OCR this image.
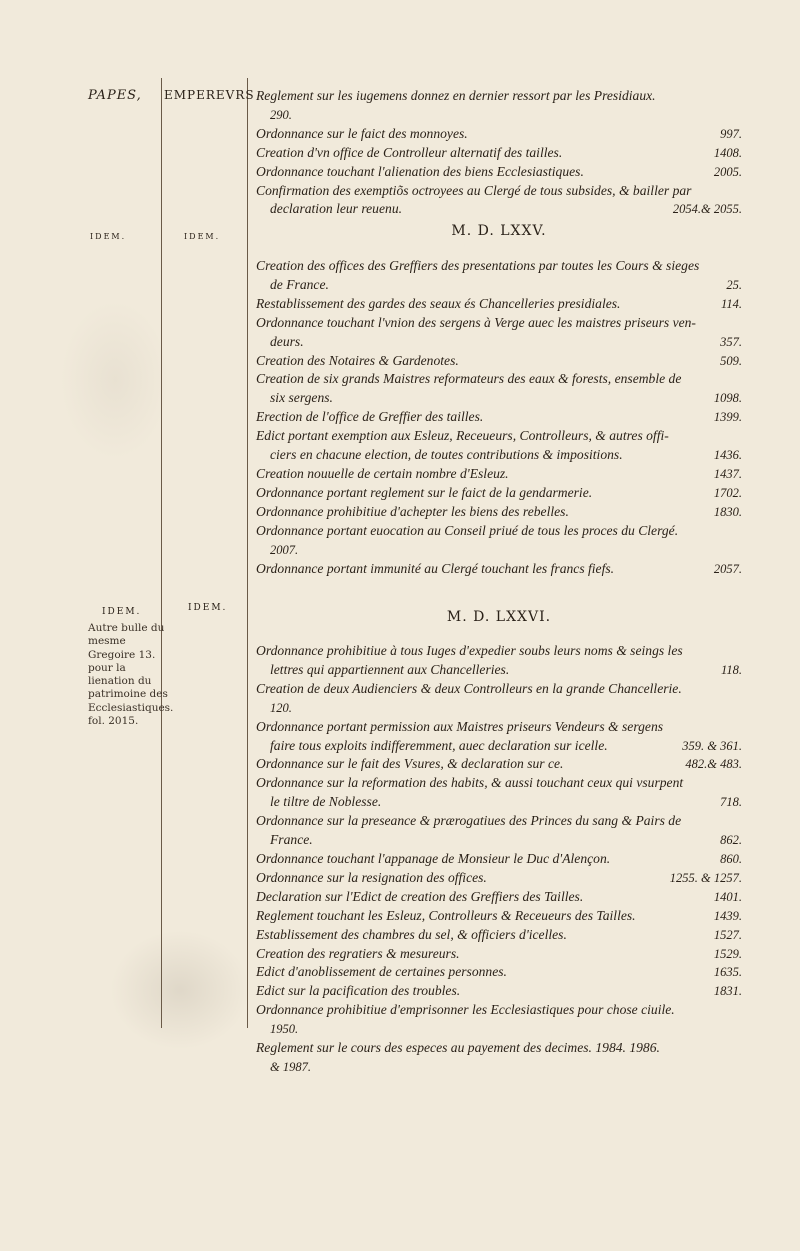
PAPES, EMPEREVRS
IDEM.	IDEM.
IDEM.	IDEM.
Autre bulle du mesme Gregoire 13. pour la lienation du patrimoine des Ecclesiastiques. fol. 2015.
Reglement sur les iugemens donnez en dernier ressort par les Presidiaux.
290.
997.
Ordonnance sur le faict des monnoyes.
1408.
Creation d'vn office de Controlleur alternatif des tailles.
2005.
Ordonnance touchant l'alienation des biens Ecclesiastiques.
Confirmation des exemptiõs octroyees au Clergé de tous subsides, & bailler par
2054.& 2055.
declaration leur reuenu.
M. D. LXXV.
Creation des offices des Greffiers des presentations par toutes les Cours & sieges
25.
de France.
114.
Restablissement des gardes des seaux és Chancelleries presidiales.
Ordonnance touchant l'vnion des sergens à Verge auec les maistres priseurs ven-
357.
deurs.
509.
Creation des Notaires & Gardenotes.
Creation de six grands Maistres reformateurs des eaux & forests, ensemble de
1098.
six sergens.
1399.
Erection de l'office de Greffier des tailles.
Edict portant exemption aux Esleuz, Receueurs, Controlleurs, & autres offi-
1436.
ciers en chacune election, de toutes contributions & impositions.
1437.
Creation nouuelle de certain nombre d'Esleuz.
1702.
Ordonnance portant reglement sur le faict de la gendarmerie.
1830.
Ordonnance prohibitiue d'achepter les biens des rebelles.
Ordonnance portant euocation au Conseil priué de tous les proces du Clergé.
2007.
2057.
Ordonnance portant immunité au Clergé touchant les francs fiefs.
M. D. LXXVI.
Ordonnance prohibitiue à tous Iuges d'expedier soubs leurs noms & seings les
118.
lettres qui appartiennent aux Chancelleries.
Creation de deux Audienciers & deux Controlleurs en la grande Chancellerie.
120.
Ordonnance portant permission aux Maistres priseurs Vendeurs & sergens
359. & 361.
faire tous exploits indifferemment, auec declaration sur icelle.
482.& 483.
Ordonnance sur le fait des Vsures, & declaration sur ce.
Ordonnance sur la reformation des habits, & aussi touchant ceux qui vsurpent
718.
le tiltre de Noblesse.
Ordonnance sur la preseance & prærogatiues des Princes du sang & Pairs de
862.
France.
860.
Ordonnance touchant l'appanage de Monsieur le Duc d'Alençon.
1255. & 1257.
Ordonnance sur la resignation des offices.
1401.
Declaration sur l'Edict de creation des Greffiers des Tailles.
1439.
Reglement touchant les Esleuz, Controlleurs & Receueurs des Tailles.
1527.
Establissement des chambres du sel, & officiers d'icelles.
1529.
Creation des regratiers & mesureurs.
1635.
Edict d'anoblissement de certaines personnes.
1831.
Edict sur la pacification des troubles.
Ordonnance prohibitiue d'emprisonner les Ecclesiastiques pour chose ciuile.
1950.
Reglement sur le cours des especes au payement des decimes. 1984. 1986.
& 1987.
